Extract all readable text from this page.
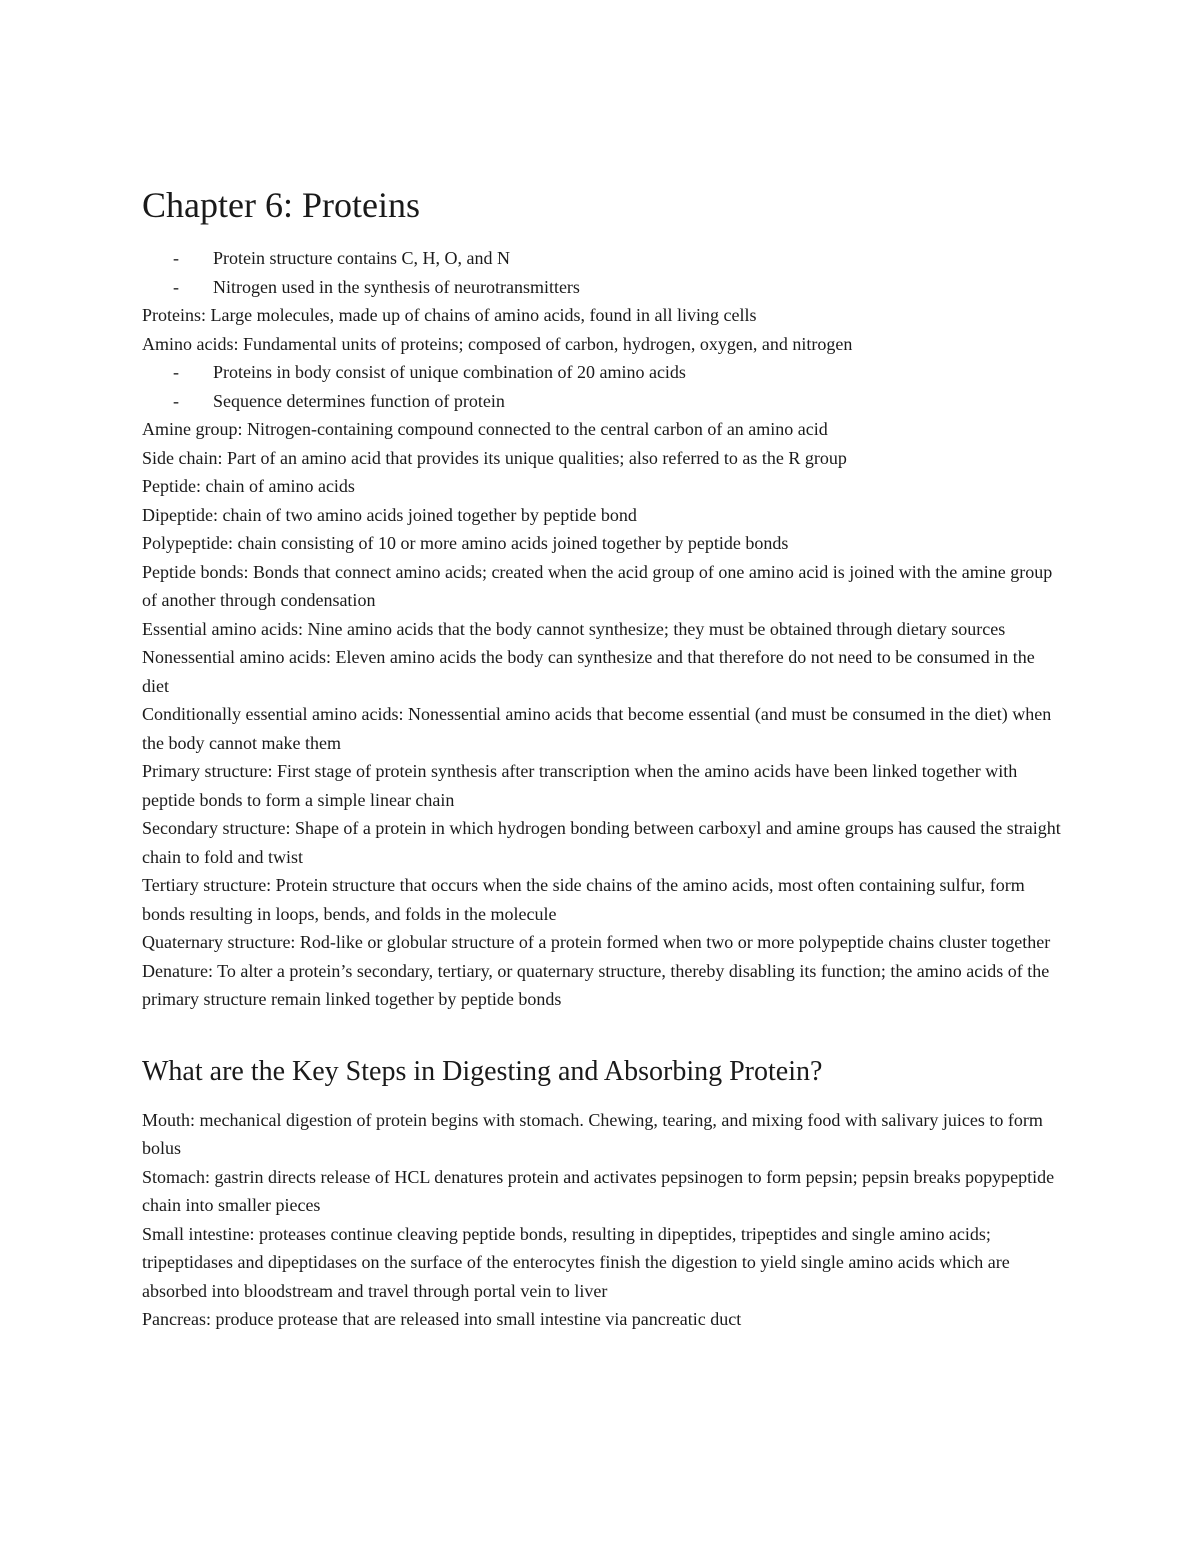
Chapter 6: Proteins
- Protein structure contains C, H, O, and N
- Nitrogen used in the synthesis of neurotransmitters

Proteins: Large molecules, made up of chains of amino acids, found in all living cells

Amino acids: Fundamental units of proteins; composed of carbon, hydrogen, oxygen, and nitrogen

- Proteins in body consist of unique combination of 20 amino acids
- Sequence determines function of protein

Amine group: Nitrogen-containing compound connected to the central carbon of an amino acid

Side chain: Part of an amino acid that provides its unique qualities; also referred to as the R group

Peptide: chain of amino acids

Dipeptide: chain of two amino acids joined together by peptide bond

Polypeptide: chain consisting of 10 or more amino acids joined together by peptide bonds

Peptide bonds: Bonds that connect amino acids; created when the acid group of one amino acid is joined with the amine group of another through condensation

Essential amino acids: Nine amino acids that the body cannot synthesize; they must be obtained through dietary sources

Nonessential amino acids: Eleven amino acids the body can synthesize and that therefore do not need to be consumed in the diet

Conditionally essential amino acids: Nonessential amino acids that become essential (and must be consumed in the diet) when the body cannot make them

Primary structure: First stage of protein synthesis after transcription when the amino acids have been linked together with peptide bonds to form a simple linear chain

Secondary structure: Shape of a protein in which hydrogen bonding between carboxyl and amine groups has caused the straight chain to fold and twist

Tertiary structure: Protein structure that occurs when the side chains of the amino acids, most often containing sulfur, form bonds resulting in loops, bends, and folds in the molecule

Quaternary structure: Rod-like or globular structure of a protein formed when two or more polypeptide chains cluster together

Denature: To alter a protein’s secondary, tertiary, or quaternary structure, thereby disabling its function; the amino acids of the primary structure remain linked together by peptide bonds

What are the Key Steps in Digesting and Absorbing Protein?

Mouth: mechanical digestion of protein begins with stomach. Chewing, tearing, and mixing food with salivary juices to form bolus

Stomach: gastrin directs release of HCL denatures protein and activates pepsinogen to form pepsin; pepsin breaks popypeptide chain into smaller pieces

Small intestine: proteases continue cleaving peptide bonds, resulting in dipeptides, tripeptides and single amino acids; tripeptidases and dipeptidases on the surface of the enterocytes finish the digestion to yield single amino acids which are absorbed into bloodstream and travel through portal vein to liver

Pancreas: produce protease that are released into small intestine via pancreatic duct
